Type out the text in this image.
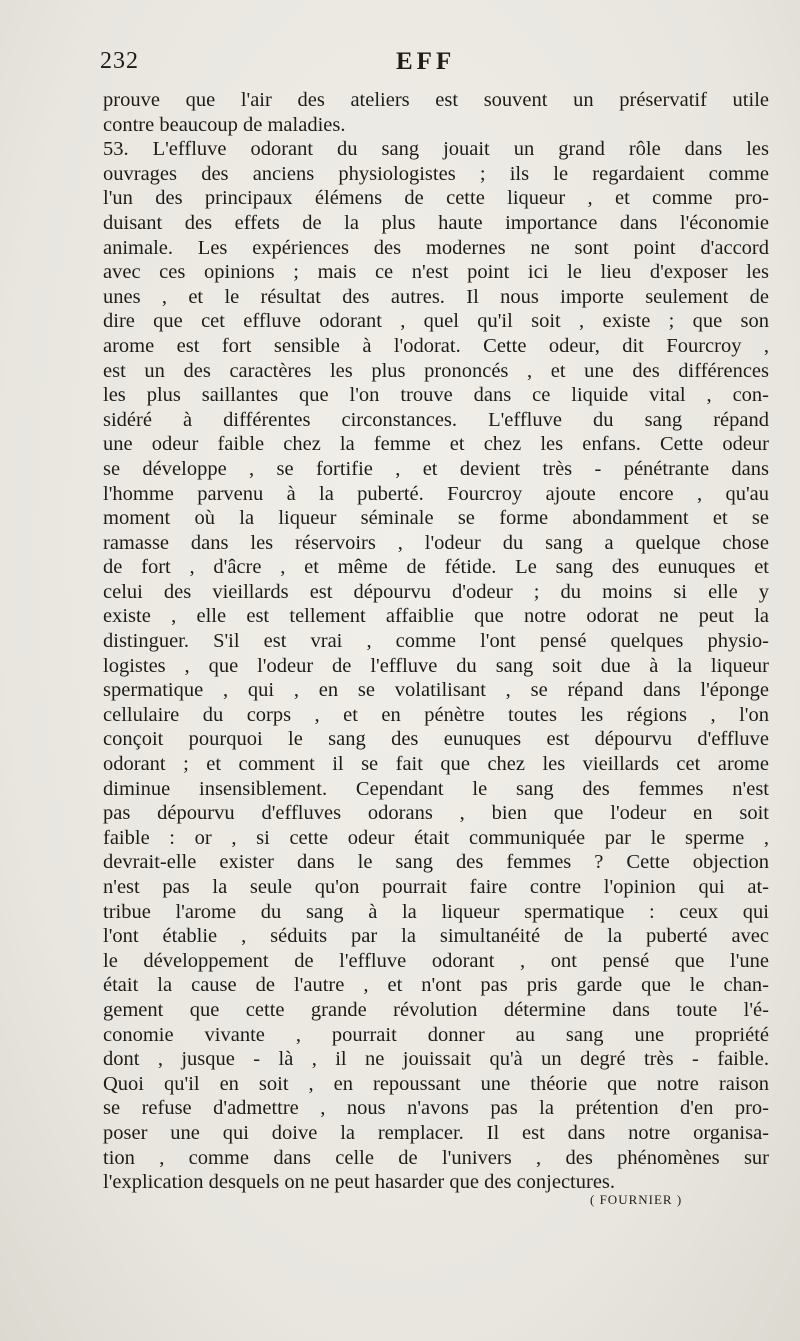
232	EFF
prouve que l'air des ateliers est souvent un préservatif utile
contre beaucoup de maladies.
53. L'effluve odorant du sang jouait un grand rôle dans les
ouvrages des anciens physiologistes ; ils le regardaient comme
l'un des principaux élémens de cette liqueur , et comme pro-
duisant des effets de la plus haute importance dans l'économie
animale. Les expériences des modernes ne sont point d'accord
avec ces opinions ; mais ce n'est point ici le lieu d'exposer les
unes , et le résultat des autres. Il nous importe seulement de
dire que cet effluve odorant , quel qu'il soit , existe ; que son
arome est fort sensible à l'odorat. Cette odeur, dit Fourcroy ,
est un des caractères les plus prononcés , et une des différences
les plus saillantes que l'on trouve dans ce liquide vital , con-
sidéré à différentes circonstances. L'effluve du sang répand
une odeur faible chez la femme et chez les enfans. Cette odeur
se développe , se fortifie , et devient très - pénétrante dans
l'homme parvenu à la puberté. Fourcroy ajoute encore , qu'au
moment où la liqueur séminale se forme abondamment et se
ramasse dans les réservoirs , l'odeur du sang a quelque chose
de fort , d'âcre , et même de fétide. Le sang des eunuques et
celui des vieillards est dépourvu d'odeur ; du moins si elle y
existe , elle est tellement affaiblie que notre odorat ne peut la
distinguer. S'il est vrai , comme l'ont pensé quelques physio-
logistes , que l'odeur de l'effluve du sang soit due à la liqueur
spermatique , qui , en se volatilisant , se répand dans l'éponge
cellulaire du corps , et en pénètre toutes les régions , l'on
conçoit pourquoi le sang des eunuques est dépourvu d'effluve
odorant ; et comment il se fait que chez les vieillards cet arome
diminue insensiblement. Cependant le sang des femmes n'est
pas dépourvu d'effluves odorans , bien que l'odeur en soit
faible : or , si cette odeur était communiquée par le sperme ,
devrait-elle exister dans le sang des femmes ? Cette objection
n'est pas la seule qu'on pourrait faire contre l'opinion qui at-
tribue l'arome du sang à la liqueur spermatique : ceux qui
l'ont établie , séduits par la simultanéité de la puberté avec
le développement de l'effluve odorant , ont pensé que l'une
était la cause de l'autre , et n'ont pas pris garde que le chan-
gement que cette grande révolution détermine dans toute l'é-
conomie vivante , pourrait donner au sang une propriété
dont , jusque - là , il ne jouissait qu'à un degré très - faible.
Quoi qu'il en soit , en repoussant une théorie que notre raison
se refuse d'admettre , nous n'avons pas la prétention d'en pro-
poser une qui doive la remplacer. Il est dans notre organisa-
tion , comme dans celle de l'univers , des phénomènes sur
l'explication desquels on ne peut hasarder que des conjectures.
( FOURNIER )
